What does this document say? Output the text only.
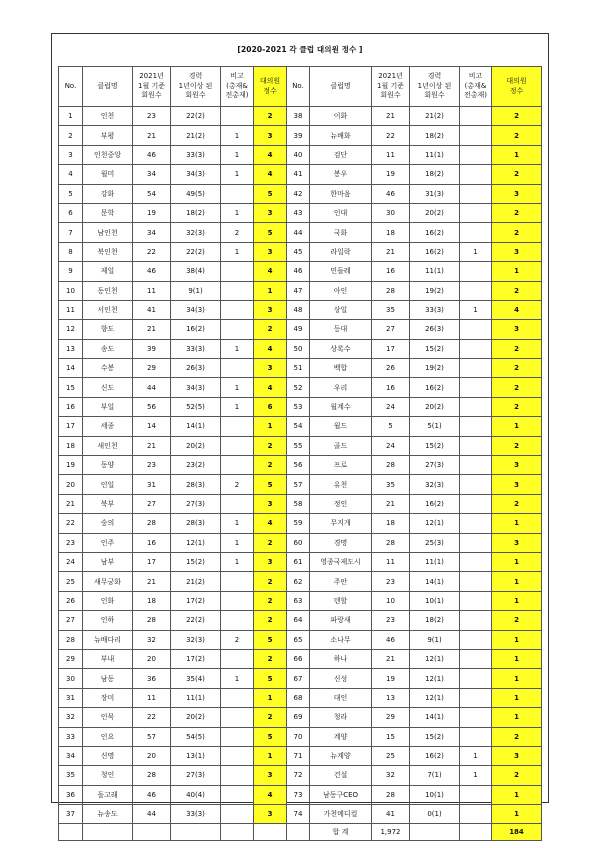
[2020-2021 각 클럽 대의원 정수 ]
No.	클럽명	2021년
1월 기준
회원수	경력
1년이상 된
회원수	비고
(총재&
전총재)	대의원
정수	No.	클럽명	2021년
1월 기준
회원수	경력
1년이상 된
회원수	비고
(총재&
전총재)	대의원
정수
1	인천	23	22(2)		2	38	이화	21	21(2)		2
2	부평	21	21(2)	1	3	39	뉴배화	22	18(2)		2
3	인천중앙	46	33(3)	1	4	40	검단	11	11(1)		1
4	월미	34	34(3)	1	4	41	봉우	19	18(2)		2
5	강화	54	49(5)		5	42	한마음	46	31(3)		3
6	문학	19	18(2)	1	3	43	인대	30	20(2)		2
7	남인천	34	32(3)	2	5	44	국화	18	16(2)		2
8	북인천	22	22(2)	1	3	45	라일락	21	16(2)	1	3
9	제일	46	38(4)		4	46	민들레	16	11(1)		1
10	동인천	11	9(1)		1	47	아인	28	19(2)		2
11	서인천	41	34(3)		3	48	상일	35	33(3)	1	4
12	향도	21	16(2)		2	49	등대	27	26(3)		3
13	송도	39	33(3)	1	4	50	상록수	17	15(2)		2
14	수봉	29	26(3)		3	51	백합	26	19(2)		2
15	신도	44	34(3)	1	4	52	우리	16	16(2)		2
16	부일	56	52(5)	1	6	53	월계수	24	20(2)		2
17	세종	14	14(1)		1	54	월드	5	5(1)		1
18	새인천	21	20(2)		2	55	골드	24	15(2)		2
19	동양	23	23(2)		2	56	프로	28	27(3)		3
20	인일	31	28(3)	2	5	57	유천	35	32(3)		3
21	북부	27	27(3)		3	58	정인	21	16(2)		2
22	숭의	28	28(3)	1	4	59	무지개	18	12(1)		1
23	인주	16	12(1)	1	2	60	경명	28	25(3)		3
24	남부	17	15(2)	1	3	61	영종국제도시	11	11(1)		1
25	새무궁화	21	21(2)		2	62	주안	23	14(1)		1
26	인화	18	17(2)		2	63	덴할	10	10(1)		1
27	인하	28	22(2)		2	64	파랑새	23	18(2)		2
28	뉴배다리	32	32(3)	2	5	65	소나무	46	9(1)		1
29	부내	20	17(2)		2	66	하나	21	12(1)		1
30	남동	36	35(4)	1	5	67	신성	19	12(1)		1
31	장미	11	11(1)		1	68	대인	13	12(1)		1
32	인묵	22	20(2)		2	69	청라	29	14(1)		1
33	인요	57	54(5)		5	70	계양	15	15(2)		2
34	신명	20	13(1)		1	71	뉴계양	25	16(2)	1	3
35	청인	28	27(3)		3	72	건설	32	7(1)	1	2
36	돌고래	46	40(4)		4	73	남동구CEO	28	10(1)		1
37	뉴송도	44	33(3)		3	74	가천메디컬	41	0(1)		1
							합 계	1,972			184
